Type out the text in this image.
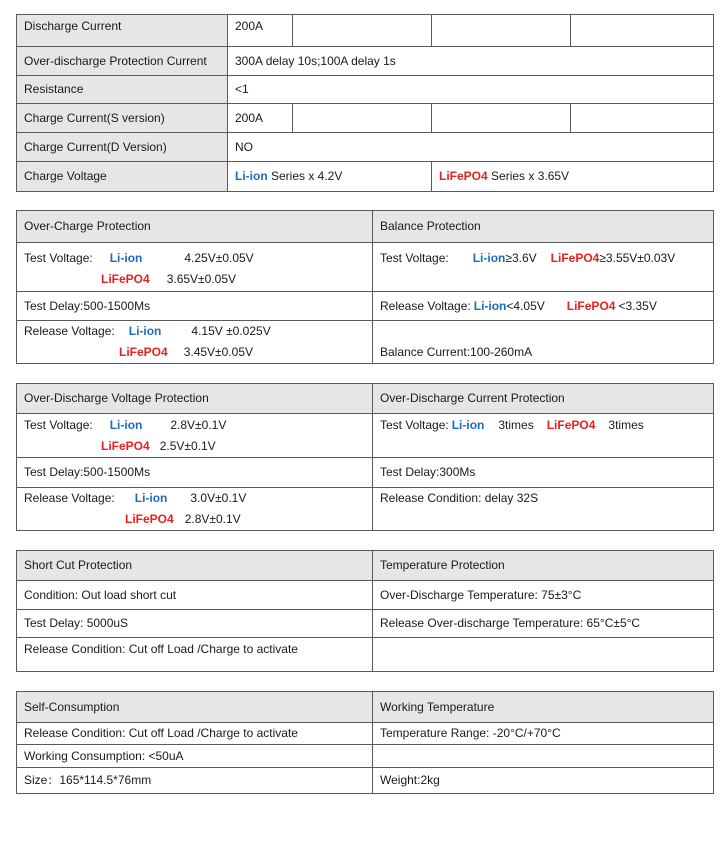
Discharge Current	200A			
Over-discharge Protection Current	300A delay 10s;100A delay 1s			
Resistance	<1			
Charge Current(S version)	200A			
Charge Current(D Version)	NO			
Charge Voltage	Li-ion Series x 4.2V		LiFePO4 Series x 3.65V	
Over-Charge Protection	Balance Protection
Test Voltage: Li-ion 4.25V±0.05V
LiFePO4 3.65V±0.05V	Test Voltage: Li-ion≥3.6V LiFePO4≥3.55V±0.03V
Test Delay:500-1500Ms	Release Voltage: Li-ion<4.05V LiFePO4 <3.35V
Release Voltage: Li-ion 4.15V ±0.025V
LiFePO4 3.45V±0.05V	Balance Current:100-260mA
Over-Discharge Voltage Protection	Over-Discharge Current Protection
Test Voltage: Li-ion 2.8V±0.1V
LiFePO4 2.5V±0.1V	Test Voltage: Li-ion 3times LiFePO4 3times
Test Delay:500-1500Ms	Test Delay:300Ms
Release Voltage: Li-ion 3.0V±0.1V
LiFePO4 2.8V±0.1V	Release Condition: delay 32S
Short Cut Protection	Temperature Protection
Condition: Out load short cut	Over-Discharge Temperature: 75±3°C
Test Delay: 5000uS	Release Over-discharge Temperature: 65°C±5°C
Release Condition: Cut off Load /Charge to activate	
Self-Consumption	Working Temperature
Release Condition: Cut off Load /Charge to activate	Temperature Range: -20°C/+70°C
Working Consumption: <50uA	
Size：165*114.5*76mm	Weight:2kg
